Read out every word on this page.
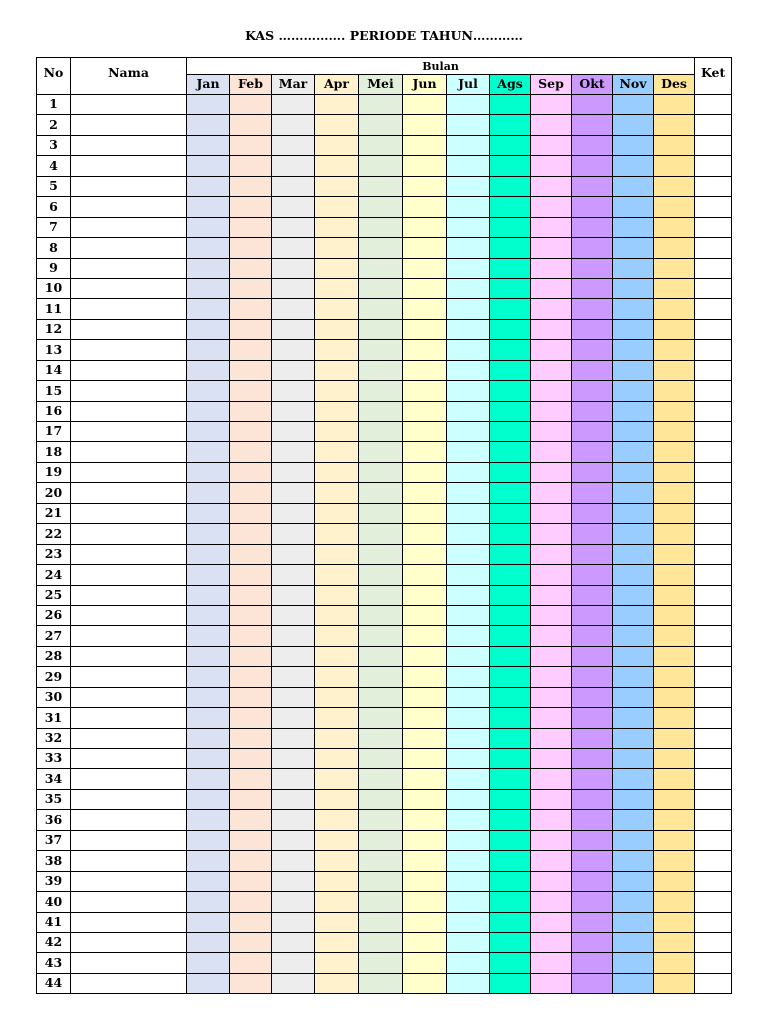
KAS ……………. PERIODE TAHUN…………
No	Nama	Bulan												Ket
		Jan	Feb	Mar	Apr	Mei	Jun	Jul	Ags	Sep	Okt	Nov	Des	
1														
2														
3														
4														
5														
6														
7														
8														
9														
10														
11														
12														
13														
14														
15														
16														
17														
18														
19														
20														
21														
22														
23														
24														
25														
26														
27														
28														
29														
30														
31														
32														
33														
34														
35														
36														
37														
38														
39														
40														
41														
42														
43														
44														
